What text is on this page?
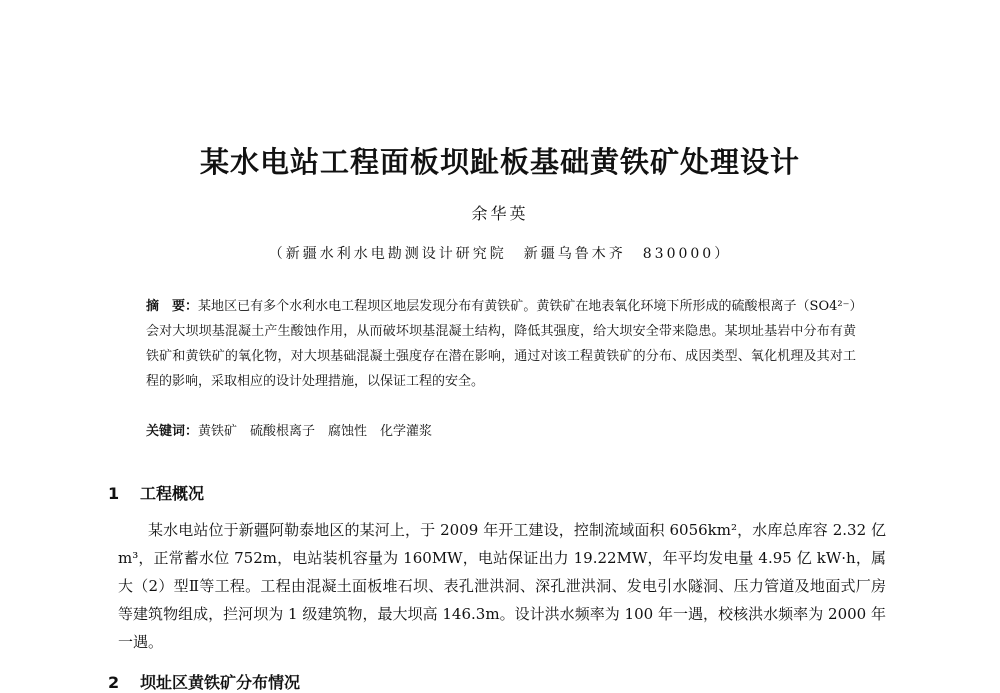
某水电站工程面板坝趾板基础黄铁矿处理设计
余华英
（新疆水利水电勘测设计研究院　新疆乌鲁木齐　830000）

摘　要：某地区已有多个水利水电工程坝区地层发现分布有黄铁矿。黄铁矿在地表氧化环境下所形成的硫酸根离子（SO4²⁻）会对大坝坝基混凝土产生酸蚀作用，从而破坏坝基混凝土结构，降低其强度，给大坝安全带来隐患。某坝址基岩中分布有黄铁矿和黄铁矿的氧化物，对大坝基础混凝土强度存在潜在影响，通过对该工程黄铁矿的分布、成因类型、氧化机理及其对工程的影响，采取相应的设计处理措施，以保证工程的安全。

关键词：黄铁矿　硫酸根离子　腐蚀性　化学灌浆
1 工程概况

某水电站位于新疆阿勒泰地区的某河上，于 2009 年开工建设，控制流域面积 6056km²，水库总库容 2.32 亿 m³，正常蓄水位 752m，电站装机容量为 160MW，电站保证出力 19.22MW，年平均发电量 4.95 亿 kW·h，属大（2）型Ⅱ等工程。工程由混凝土面板堆石坝、表孔泄洪洞、深孔泄洪洞、发电引水隧洞、压力管道及地面式厂房等建筑物组成，拦河坝为 1 级建筑物，最大坝高 146.3m。设计洪水频率为 100 年一遇，校核洪水频率为 2000 年一遇。

2 坝址区黄铁矿分布情况
